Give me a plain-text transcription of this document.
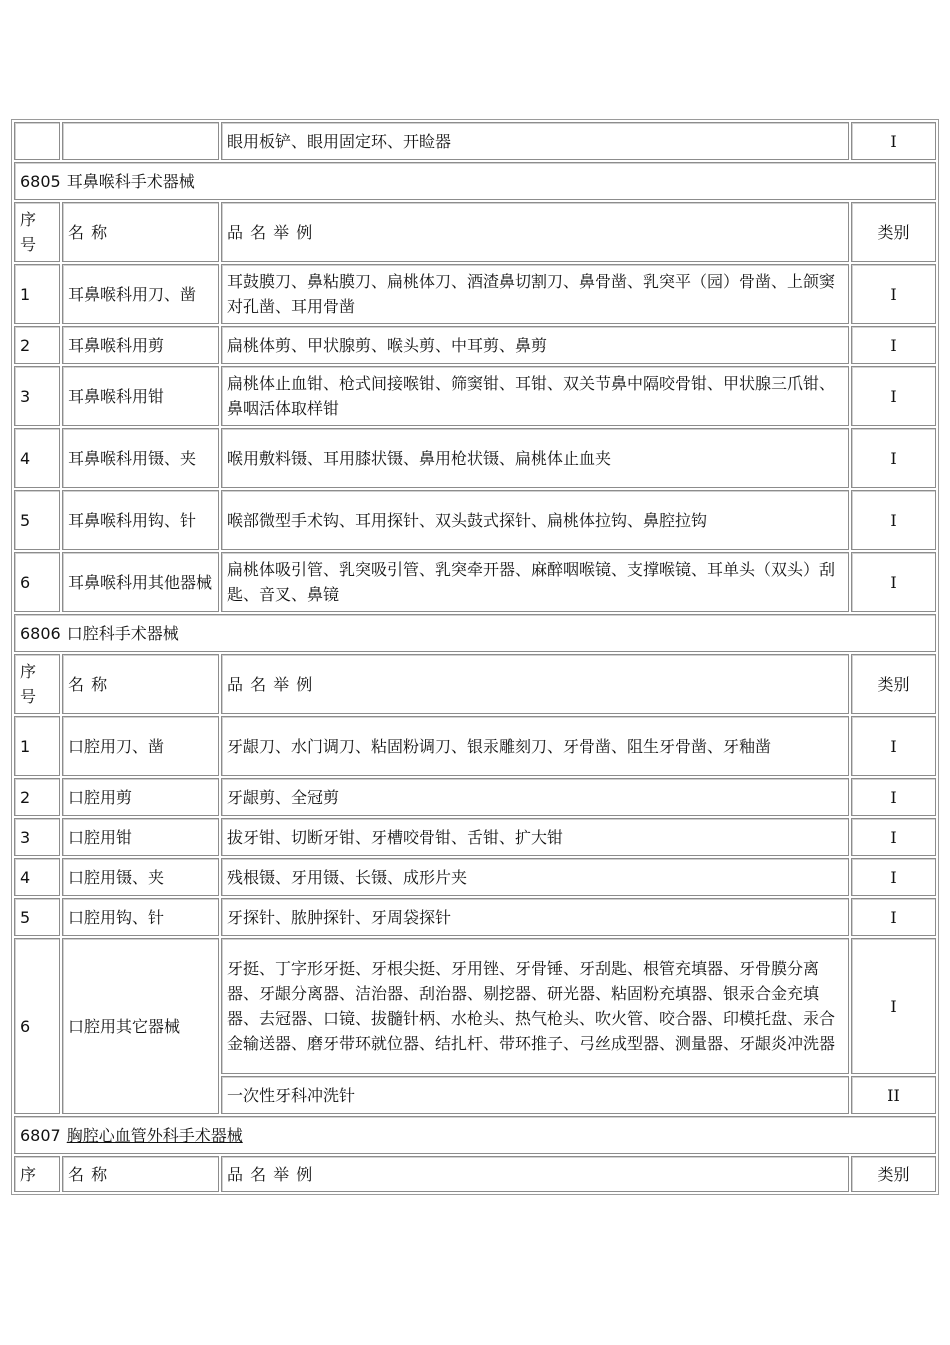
		眼用板铲、眼用固定环、开睑器	I
6805 耳鼻喉科手术器械			
序
号	名 称	品 名 举 例	类别
1	耳鼻喉科用刀、凿	耳鼓膜刀、鼻粘膜刀、扁桃体刀、酒渣鼻切割刀、鼻骨凿、乳突平（园）骨凿、上颌窦对孔凿、耳用骨凿	I
2	耳鼻喉科用剪	扁桃体剪、甲状腺剪、喉头剪、中耳剪、鼻剪	I
3	耳鼻喉科用钳	扁桃体止血钳、枪式间接喉钳、筛窦钳、耳钳、双关节鼻中隔咬骨钳、甲状腺三爪钳、鼻咽活体取样钳	I
4	耳鼻喉科用镊、夹	喉用敷料镊、耳用膝状镊、鼻用枪状镊、扁桃体止血夹	I
5	耳鼻喉科用钩、针	喉部微型手术钩、耳用探针、双头鼓式探针、扁桃体拉钩、鼻腔拉钩	I
6	耳鼻喉科用其他器械	扁桃体吸引管、乳突吸引管、乳突牵开器、麻醉咽喉镜、支撑喉镜、耳单头（双头）刮匙、音叉、鼻镜	I
6806 口腔科手术器械			
序
号	名 称	品 名 举 例	类别
1	口腔用刀、凿	牙龈刀、水门调刀、粘固粉调刀、银汞雕刻刀、牙骨凿、阻生牙骨凿、牙釉凿	I
2	口腔用剪	牙龈剪、全冠剪	I
3	口腔用钳	拔牙钳、切断牙钳、牙槽咬骨钳、舌钳、扩大钳	I
4	口腔用镊、夹	残根镊、牙用镊、长镊、成形片夹	I
5	口腔用钩、针	牙探针、脓肿探针、牙周袋探针	I
6	口腔用其它器械	牙挺、丁字形牙挺、牙根尖挺、牙用锉、牙骨锤、牙刮匙、根管充填器、牙骨膜分离器、牙龈分离器、洁治器、刮治器、剔挖器、研光器、粘固粉充填器、银汞合金充填器、去冠器、口镜、拔髓针柄、水枪头、热气枪头、吹火管、咬合器、印模托盘、汞合金输送器、磨牙带环就位器、结扎杆、带环推子、弓丝成型器、测量器、牙龈炎冲洗器	I
		一次性牙科冲洗针	II
6807 胸腔心血管外科手术器械			
序	名 称	品 名 举 例	类别
